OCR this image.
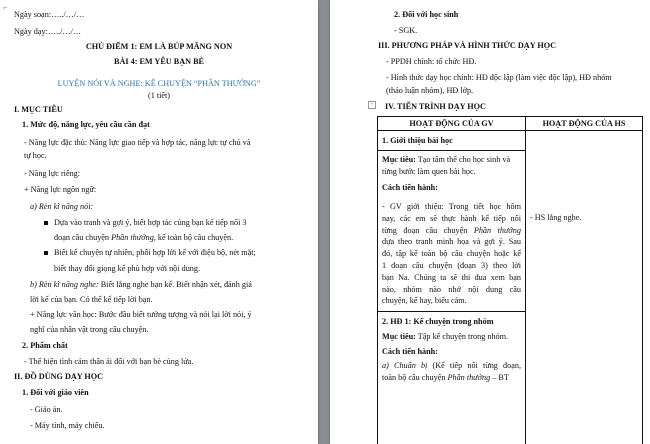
⌐
Ngày soạn:…../…/…
Ngày dạy:…../…/…
CHỦ ĐIỂM 1: EM LÀ BÚP MĂNG NON
BÀI 4: EM YÊU BẠN BÈ
LUYỆN NÓI VÀ NGHE: KỂ CHUYỆN “PHẦN THƯỞNG”
(1 tiết)
I. MỤC TIÊU
1. Mức độ, năng lực, yêu cầu cần đạt
- Năng lực đặc thù: Năng lực giao tiếp và hợp tác, năng lực tự chủ và
tự học.
- Năng lực riêng:
+ Năng lực ngôn ngữ:
a) Rèn kĩ năng nói:
Dựa vào tranh và gợi ý, biết hợp tác cùng bạn kể tiếp nối 3
đoạn câu chuyện Phần thưởng, kể toàn bộ câu chuyện.
Biết kể chuyện tự nhiên, phối hợp lời kể với điệu bộ, nét mặt;
biết thay đổi giọng kể phù hợp với nội dung.
b) Rèn kĩ năng nghe: Biết lắng nghe bạn kể. Biết nhận xét, đánh giá
lời kể của bạn. Có thể kể tiếp lời bạn.
+ Năng lực văn học: Bước đầu biết tưởng tượng và nói lại lời nói, ý
nghĩ của nhân vật trong câu chuyện.
2. Phẩm chất
- Thể hiện tình cảm thân ái đối với bạn bè cùng lứa.
II. ĐỒ DÙNG DẠY HỌC
1. Đối với giáo viên
- Giáo án.
- Máy tính, máy chiếu.
2. Đối với học sinh
- SGK.
III. PHƯƠNG PHÁP VÀ HÌNH THỨC DẠY HỌC
- PPDH chính: tổ chức HĐ.
- Hình thức dạy học chính: HĐ độc lập (làm việc độc lập), HĐ nhóm
(thảo luận nhóm), HĐ lớp.
+ IV. TIẾN TRÌNH DẠY HỌC
HOẠT ĐỘNG CỦA GV	HOẠT ĐỘNG CỦA HS
1. Giới thiệu bài học
Mục tiêu: Tạo tâm thế cho học sinh và
từng bước làm quen bài học.
Cách tiến hành:
- GV giới thiệu: Trong tiết học hôm
nay, các em sẽ thực hành kể tiếp nối
từng đoạn câu chuyện Phần thưởng
dựa theo tranh minh họa và gợi ý. Sau
đó, tập kể toàn bộ câu chuyện hoặc kể
1 đoạn câu chuyện (đoạn 3) theo lời
bạn Na. Chúng ta sẽ thi đua xem bạn
nào, nhóm nào nhớ nội dung câu
chuyện, kể hay, biểu cảm.
- HS lắng nghe.
2. HĐ 1: Kể chuyện trong nhóm
Mục tiêu: Tập kể chuyện trong nhóm.
Cách tiến hành:
a) Chuẩn bị (Kể tiếp nối từng đoạn,
toàn bộ câu chuyện Phần thưởng – BT
